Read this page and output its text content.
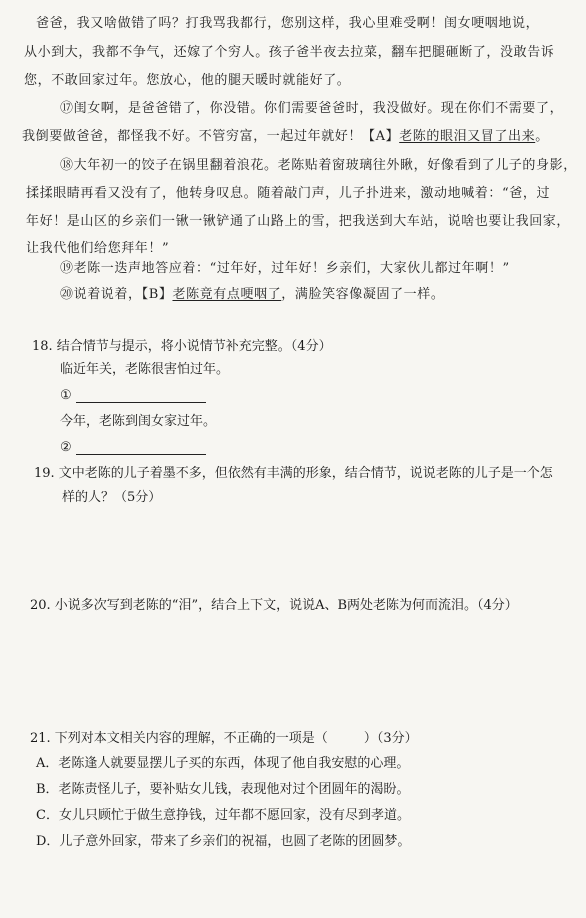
爸爸，我又啥做错了吗？打我骂我都行，您别这样，我心里难受啊！闺女哽咽地说，
从小到大，我都不争气，还嫁了个穷人。孩子爸半夜去拉菜，翻车把腿砸断了，没敢告诉
您，不敢回家过年。您放心，他的腿天暖时就能好了。
⑰闺女啊，是爸爸错了，你没错。你们需要爸爸时，我没做好。现在你们不需要了，
我倒要做爸爸，都怪我不好。不管穷富，一起过年就好！【A】老陈的眼泪又冒了出来。
⑱大年初一的饺子在锅里翻着浪花。老陈贴着窗玻璃往外瞅，好像看到了儿子的身影，
揉揉眼睛再看又没有了，他转身叹息。随着敲门声，儿子扑进来，激动地喊着：“爸，过
年好！是山区的乡亲们一锹一锹铲通了山路上的雪，把我送到大车站，说啥也要让我回家，
让我代他们给您拜年！”
⑲老陈一迭声地答应着：“过年好，过年好！乡亲们，大家伙儿都过年啊！”
⑳说着说着，【B】老陈竟有点哽咽了，满脸笑容像凝固了一样。
18. 结合情节与提示，将小说情节补充完整。（4分）
临近年关，老陈很害怕过年。
①
今年，老陈到闺女家过年。
②
19. 文中老陈的儿子着墨不多，但依然有丰满的形象，结合情节，说说老陈的儿子是一个怎
样的人？（5分）
20. 小说多次写到老陈的“泪”，结合上下文，说说A、B两处老陈为何而流泪。（4分）
21. 下列对本文相关内容的理解，不正确的一项是（	）（3分）
A．老陈逢人就要显摆儿子买的东西，体现了他自我安慰的心理。
B．老陈责怪儿子，要补贴女儿钱，表现他对过个团圆年的渴盼。
C．女儿只顾忙于做生意挣钱，过年都不愿回家，没有尽到孝道。
D．儿子意外回家，带来了乡亲们的祝福，也圆了老陈的团圆梦。
